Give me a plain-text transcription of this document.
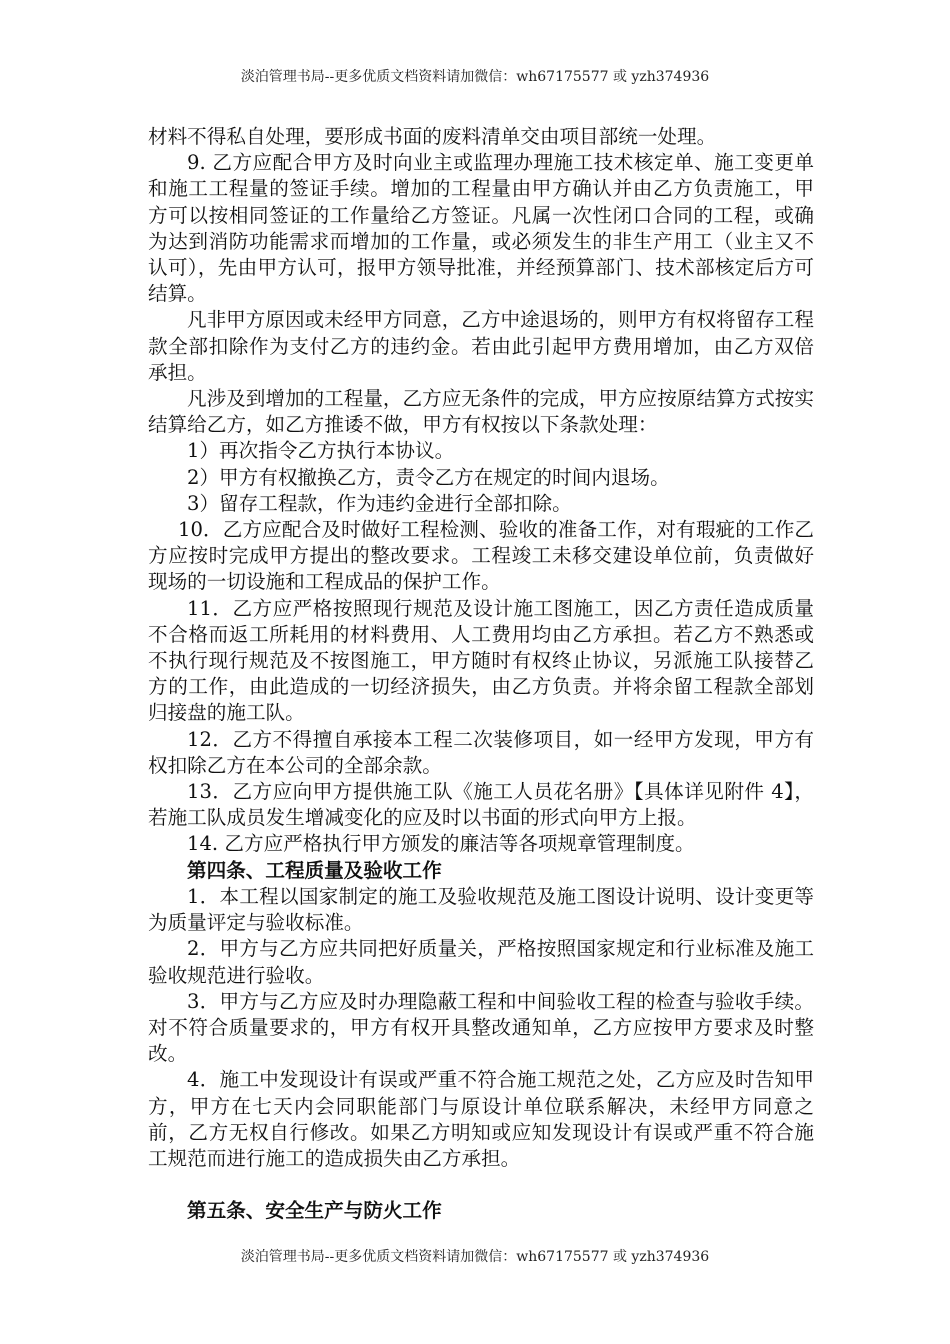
淡泊管理书局--更多优质文档资料请加微信：wh67175577 或 yzh374936

材料不得私自处理，要形成书面的废料清单交由项目部统一处理。

9. 乙方应配合甲方及时向业主或监理办理施工技术核定单、施工变更单和施工工程量的签证手续。增加的工程量由甲方确认并由乙方负责施工，甲方可以按相同签证的工作量给乙方签证。凡属一次性闭口合同的工程，或确为达到消防功能需求而增加的工作量，或必须发生的非生产用工（业主又不认可），先由甲方认可，报甲方领导批准，并经预算部门、技术部核定后方可结算。

凡非甲方原因或未经甲方同意，乙方中途退场的，则甲方有权将留存工程款全部扣除作为支付乙方的违约金。若由此引起甲方费用增加，由乙方双倍承担。

凡涉及到增加的工程量，乙方应无条件的完成，甲方应按原结算方式按实结算给乙方，如乙方推诿不做，甲方有权按以下条款处理：

1）再次指令乙方执行本协议。

2）甲方有权撤换乙方，责令乙方在规定的时间内退场。

3）留存工程款，作为违约金进行全部扣除。

10．乙方应配合及时做好工程检测、验收的准备工作，对有瑕疵的工作乙方应按时完成甲方提出的整改要求。工程竣工未移交建设单位前，负责做好现场的一切设施和工程成品的保护工作。

11．乙方应严格按照现行规范及设计施工图施工，因乙方责任造成质量不合格而返工所耗用的材料费用、人工费用均由乙方承担。若乙方不熟悉或不执行现行规范及不按图施工，甲方随时有权终止协议，另派施工队接替乙方的工作，由此造成的一切经济损失，由乙方负责。并将余留工程款全部划归接盘的施工队。

12．乙方不得擅自承接本工程二次装修项目，如一经甲方发现，甲方有权扣除乙方在本公司的全部余款。

13．乙方应向甲方提供施工队《施工人员花名册》【具体详见附件 4】，若施工队成员发生增减变化的应及时以书面的形式向甲方上报。

14. 乙方应严格执行甲方颁发的廉洁等各项规章管理制度。

第四条、工程质量及验收工作

1．本工程以国家制定的施工及验收规范及施工图设计说明、设计变更等为质量评定与验收标准。

2．甲方与乙方应共同把好质量关，严格按照国家规定和行业标准及施工验收规范进行验收。

3．甲方与乙方应及时办理隐蔽工程和中间验收工程的检查与验收手续。对不符合质量要求的，甲方有权开具整改通知单，乙方应按甲方要求及时整改。

4．施工中发现设计有误或严重不符合施工规范之处，乙方应及时告知甲方，甲方在七天内会同职能部门与原设计单位联系解决，未经甲方同意之前，乙方无权自行修改。如果乙方明知或应知发现设计有误或严重不符合施工规范而进行施工的造成损失由乙方承担。

第五条、安全生产与防火工作

淡泊管理书局--更多优质文档资料请加微信：wh67175577 或 yzh374936
